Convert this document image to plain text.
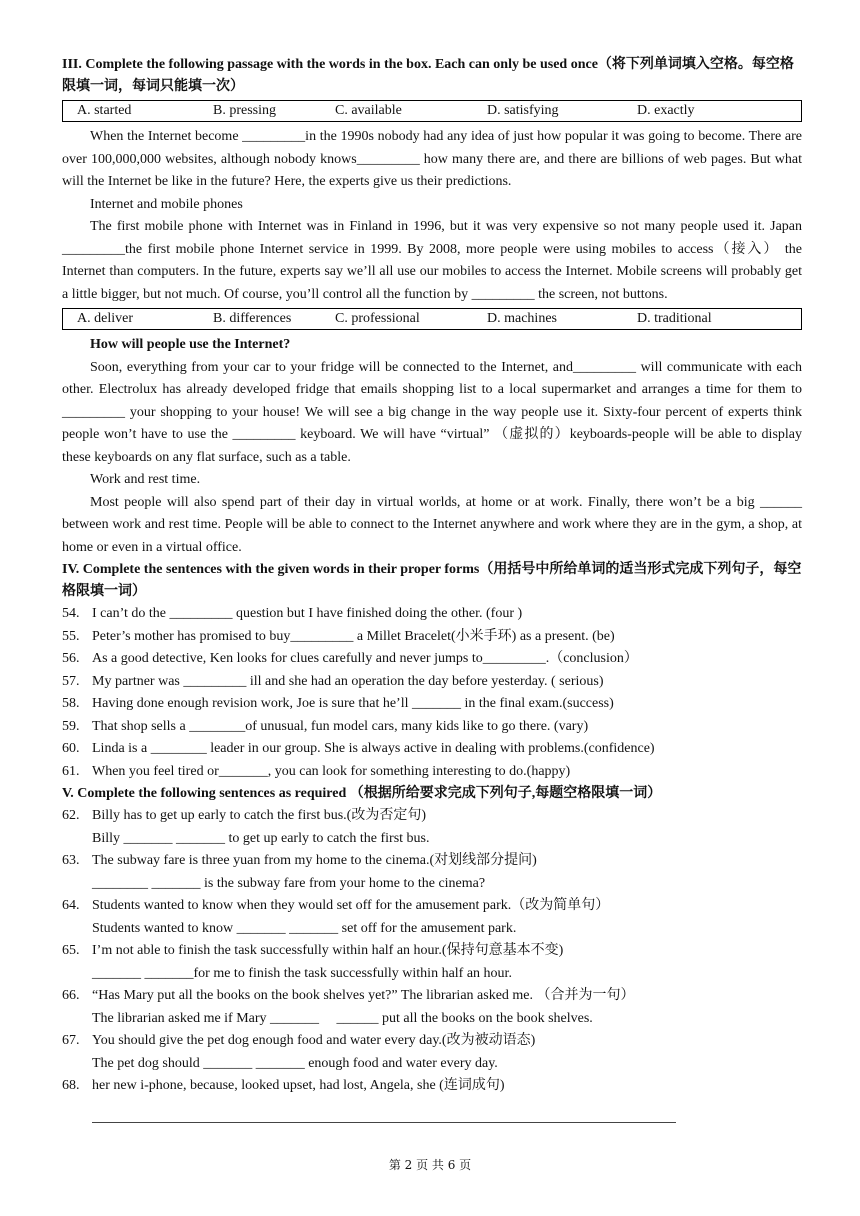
III. Complete the following passage with the words in the box. Each can only be used once（将下列单词填入空格。每空格限填一词，每词只能填一次）

A. started	B. pressing	C. available	D. satisfying	D. exactly

When the Internet become _________in the 1990s nobody had any idea of just how popular it was going to become. There are over 100,000,000 websites, although nobody knows_________ how many there are, and there are billions of web pages. But what will the Internet be like in the future? Here, the experts give us their predictions.

Internet and mobile phones

The first mobile phone with Internet was in Finland in 1996, but it was very expensive so not many people used it. Japan _________the first mobile phone Internet service in 1999. By 2008, more people were using mobiles to access（接入） the Internet than computers. In the future, experts say we’ll all use our mobiles to access the Internet. Mobile screens will probably get a little bigger, but not much. Of course, you’ll control all the function by _________ the screen, not buttons.

A. deliver	B. differences	C. professional	D. machines	D. traditional

How will people use the Internet?

Soon, everything from your car to your fridge will be connected to the Internet, and_________ will communicate with each other. Electrolux has already developed fridge that emails shopping list to a local supermarket and arranges a time for them to _________ your shopping to your house! We will see a big change in the way people use it. Sixty-four percent of experts think people won’t have to use the _________ keyboard. We will have “virtual” （虚拟的）keyboards-people will be able to display these keyboards on any flat surface, such as a table.

Work and rest time.

Most people will also spend part of their day in virtual worlds, at home or at work. Finally, there won’t be a big ______ between work and rest time. People will be able to connect to the Internet anywhere and work where they are in the gym, a shop, at home or even in a virtual office.

IV. Complete the sentences with the given words in their proper forms（用括号中所给单词的适当形式完成下列句子，每空格限填一词）

54. I can’t do the _________ question but I have finished doing the other. (four )
55. Peter’s mother has promised to buy_________ a Millet Bracelet(小米手环) as a present. (be)
56. As a good detective, Ken looks for clues carefully and never jumps to_________.（conclusion）
57. My partner was _________ ill and she had an operation the day before yesterday. ( serious)
58. Having done enough revision work, Joe is sure that he’ll _______ in the final exam.(success)
59. That shop sells a ________of unusual, fun model cars, many kids like to go there. (vary)
60. Linda is a ________ leader in our group. She is always active in dealing with problems.(confidence)
61. When you feel tired or_______, you can look for something interesting to do.(happy)

V. Complete the following sentences as required （根据所给要求完成下列句子,每题空格限填一词）

62. Billy has to get up early to catch the first bus.(改为否定句)
Billy _______ _______ to get up early to catch the first bus.
63. The subway fare is three yuan from my home to the cinema.(对划线部分提问)
________ _______ is the subway fare from your home to the cinema?
64. Students wanted to know when they would set off for the amusement park.（改为简单句）
Students wanted to know _______ _______ set off for the amusement park.
65. I’m not able to finish the task successfully within half an hour.(保持句意基本不变)
_______ _______for me to finish the task successfully within half an hour.
66. “Has Mary put all the books on the book shelves yet?” The librarian asked me. （合并为一句）
The librarian asked me if Mary _______     ______ put all the books on the book shelves.
67. You should give the pet dog enough food and water every day.(改为被动语态)
The pet dog should _______ _______ enough food and water every day.
68. her new i-phone, because, looked upset, had lost, Angela, she (连词成句)
第 2 页 共 6 页
